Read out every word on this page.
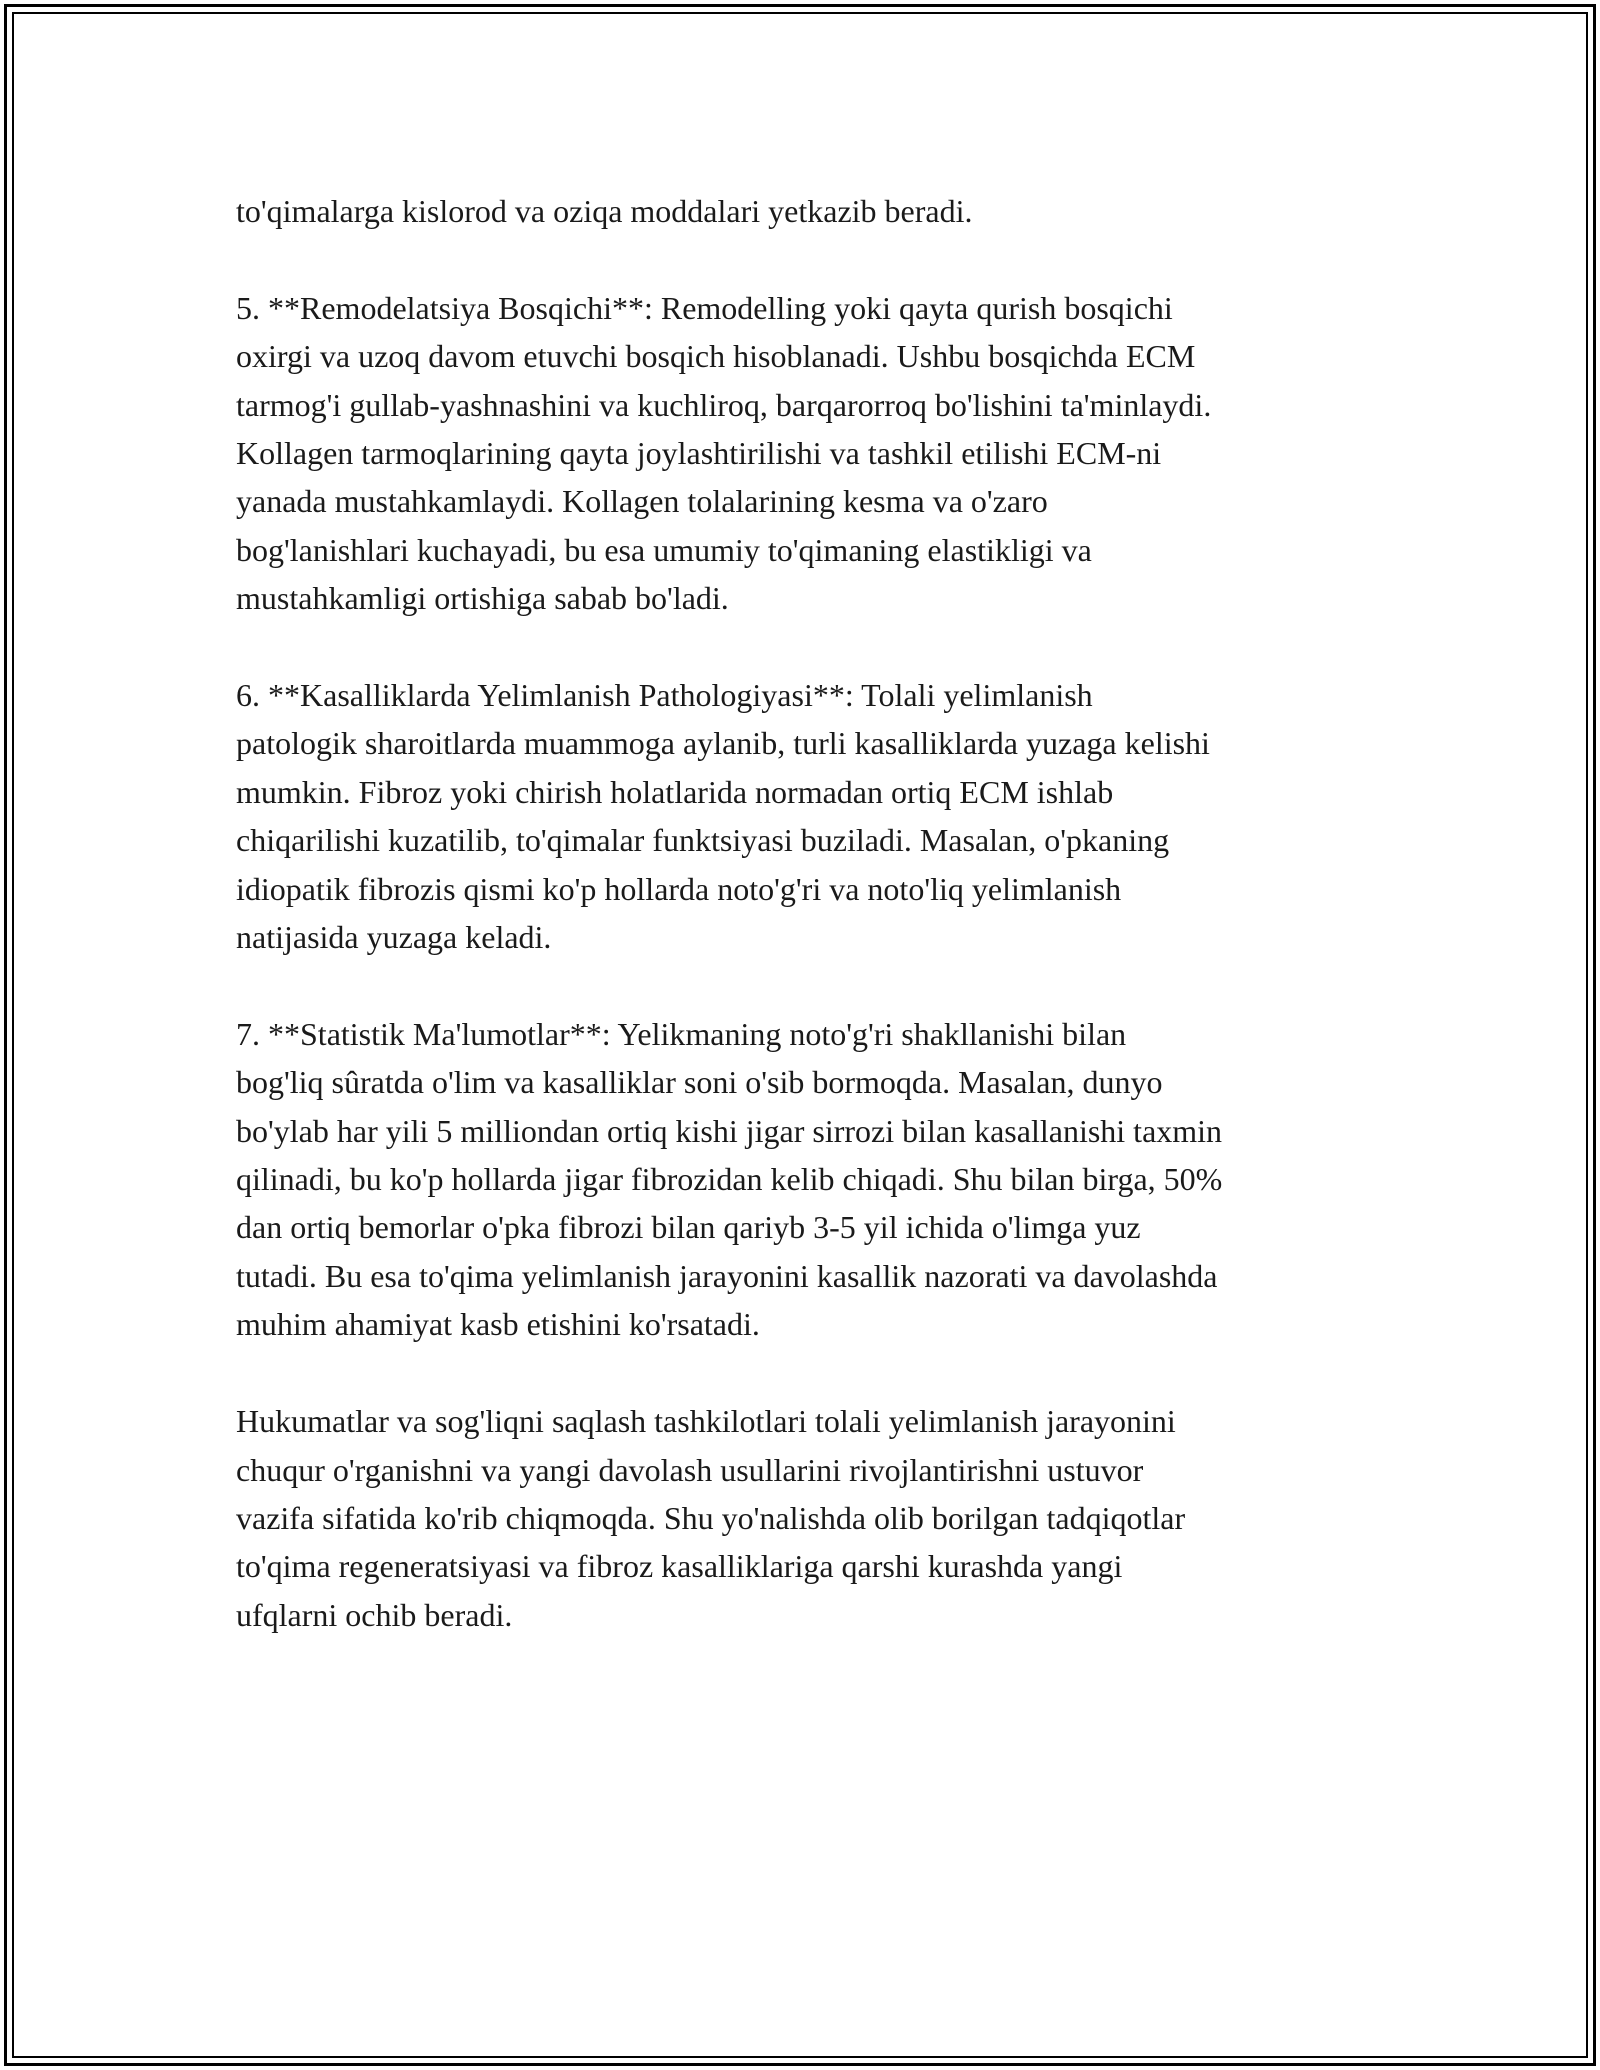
to'qimalarga kislorod va oziqa moddalari yetkazib beradi.

5. **Remodelatsiya Bosqichi**: Remodelling yoki qayta qurish bosqichi
oxirgi va uzoq davom etuvchi bosqich hisoblanadi. Ushbu bosqichda ECM
tarmog'i gullab-yashnashini va kuchliroq, barqarorroq bo'lishini ta'minlaydi.
Kollagen tarmoqlarining qayta joylashtirilishi va tashkil etilishi ECM-ni
yanada mustahkamlaydi. Kollagen tolalarining kesma va o'zaro
bog'lanishlari kuchayadi, bu esa umumiy to'qimaning elastikligi va
mustahkamligi ortishiga sabab bo'ladi.

6. **Kasalliklarda Yelimlanish Pathologiyasi**: Tolali yelimlanish
patologik sharoitlarda muammoga aylanib, turli kasalliklarda yuzaga kelishi
mumkin. Fibroz yoki chirish holatlarida normadan ortiq ECM ishlab
chiqarilishi kuzatilib, to'qimalar funktsiyasi buziladi. Masalan, o'pkaning
idiopatik fibrozis qismi ko'p hollarda noto'g'ri va noto'liq yelimlanish
natijasida yuzaga keladi.

7. **Statistik Ma'lumotlar**: Yelikmaning noto'g'ri shakllanishi bilan
bog'liq sûratda o'lim va kasalliklar soni o'sib bormoqda. Masalan, dunyo
bo'ylab har yili 5 milliondan ortiq kishi jigar sirrozi bilan kasallanishi taxmin
qilinadi, bu ko'p hollarda jigar fibrozidan kelib chiqadi. Shu bilan birga, 50%
dan ortiq bemorlar o'pka fibrozi bilan qariyb 3-5 yil ichida o'limga yuz
tutadi. Bu esa to'qima yelimlanish jarayonini kasallik nazorati va davolashda
muhim ahamiyat kasb etishini ko'rsatadi.

Hukumatlar va sog'liqni saqlash tashkilotlari tolali yelimlanish jarayonini
chuqur o'rganishni va yangi davolash usullarini rivojlantirishni ustuvor
vazifa sifatida ko'rib chiqmoqda. Shu yo'nalishda olib borilgan tadqiqotlar
to'qima regeneratsiyasi va fibroz kasalliklariga qarshi kurashda yangi
ufqlarni ochib beradi.
